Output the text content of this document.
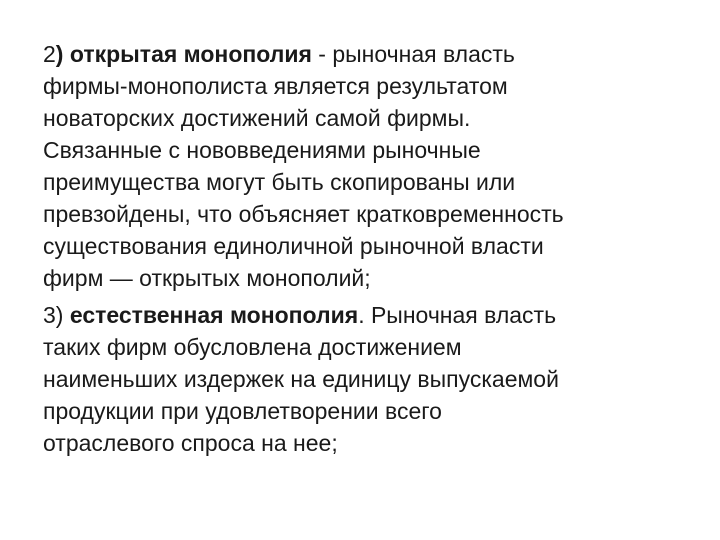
2) открытая монополия - рыночная власть
фирмы-монополиста является результатом
новаторских достижений самой фирмы.
Связанные с нововведениями рыночные
преимущества могут быть скопированы или
превзойдены, что объясняет кратковременность
существования единоличной рыночной власти
фирм — открытых монополий;
3) естественная монополия. Рыночная власть
таких фирм обусловлена достижением
наименьших издержек на единицу выпускаемой
продукции при удовлетворении всего
отраслевого спроса на нее;
